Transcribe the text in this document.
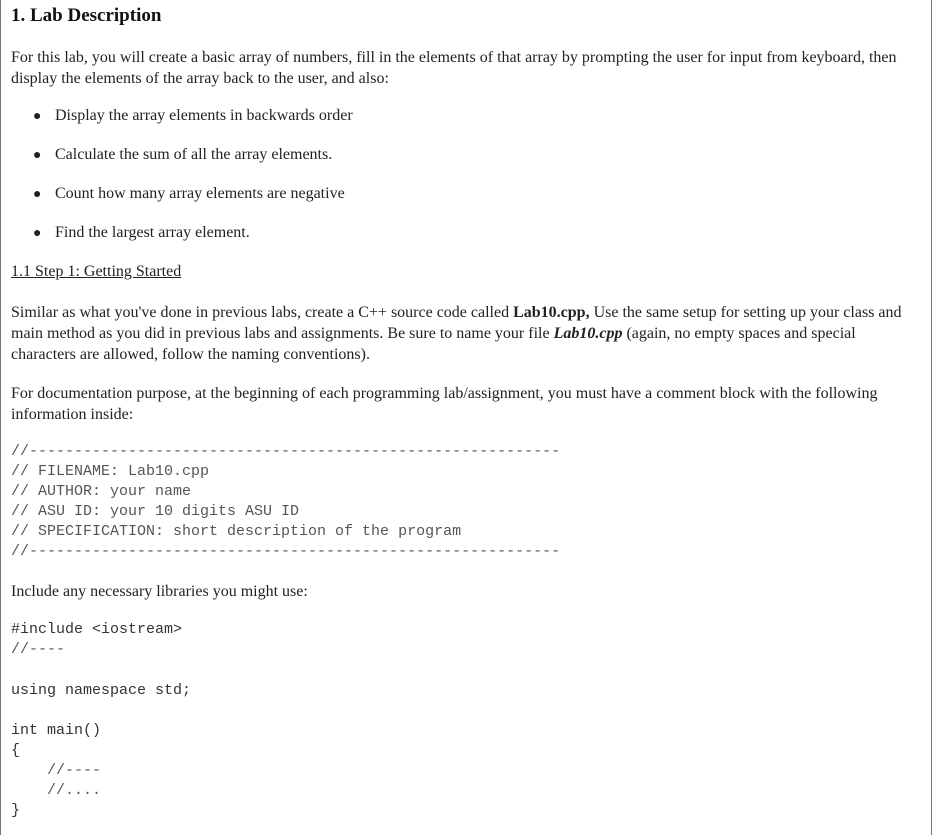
1. Lab Description
For this lab, you will create a basic array of numbers, fill in the elements of that array by prompting the user for input from keyboard, then display the elements of the array back to the user, and also:
● Display the array elements in backwards order
● Calculate the sum of all the array elements.
● Count how many array elements are negative
● Find the largest array element.
1.1 Step 1: Getting Started
Similar as what you've done in previous labs, create a C++ source code called Lab10.cpp, Use the same setup for setting up your class and main method as you did in previous labs and assignments. Be sure to name your file Lab10.cpp (again, no empty spaces and special characters are allowed, follow the naming conventions).
For documentation purpose, at the beginning of each programming lab/assignment, you must have a comment block with the following information inside:
//-----------------------------------------------------------
// FILENAME: Lab10.cpp
// AUTHOR: your name
// ASU ID: your 10 digits ASU ID
// SPECIFICATION: short description of the program
//-----------------------------------------------------------
Include any necessary libraries you might use:
#include <iostream>
//----
using namespace std;
int main()
{
//----
//....
}
